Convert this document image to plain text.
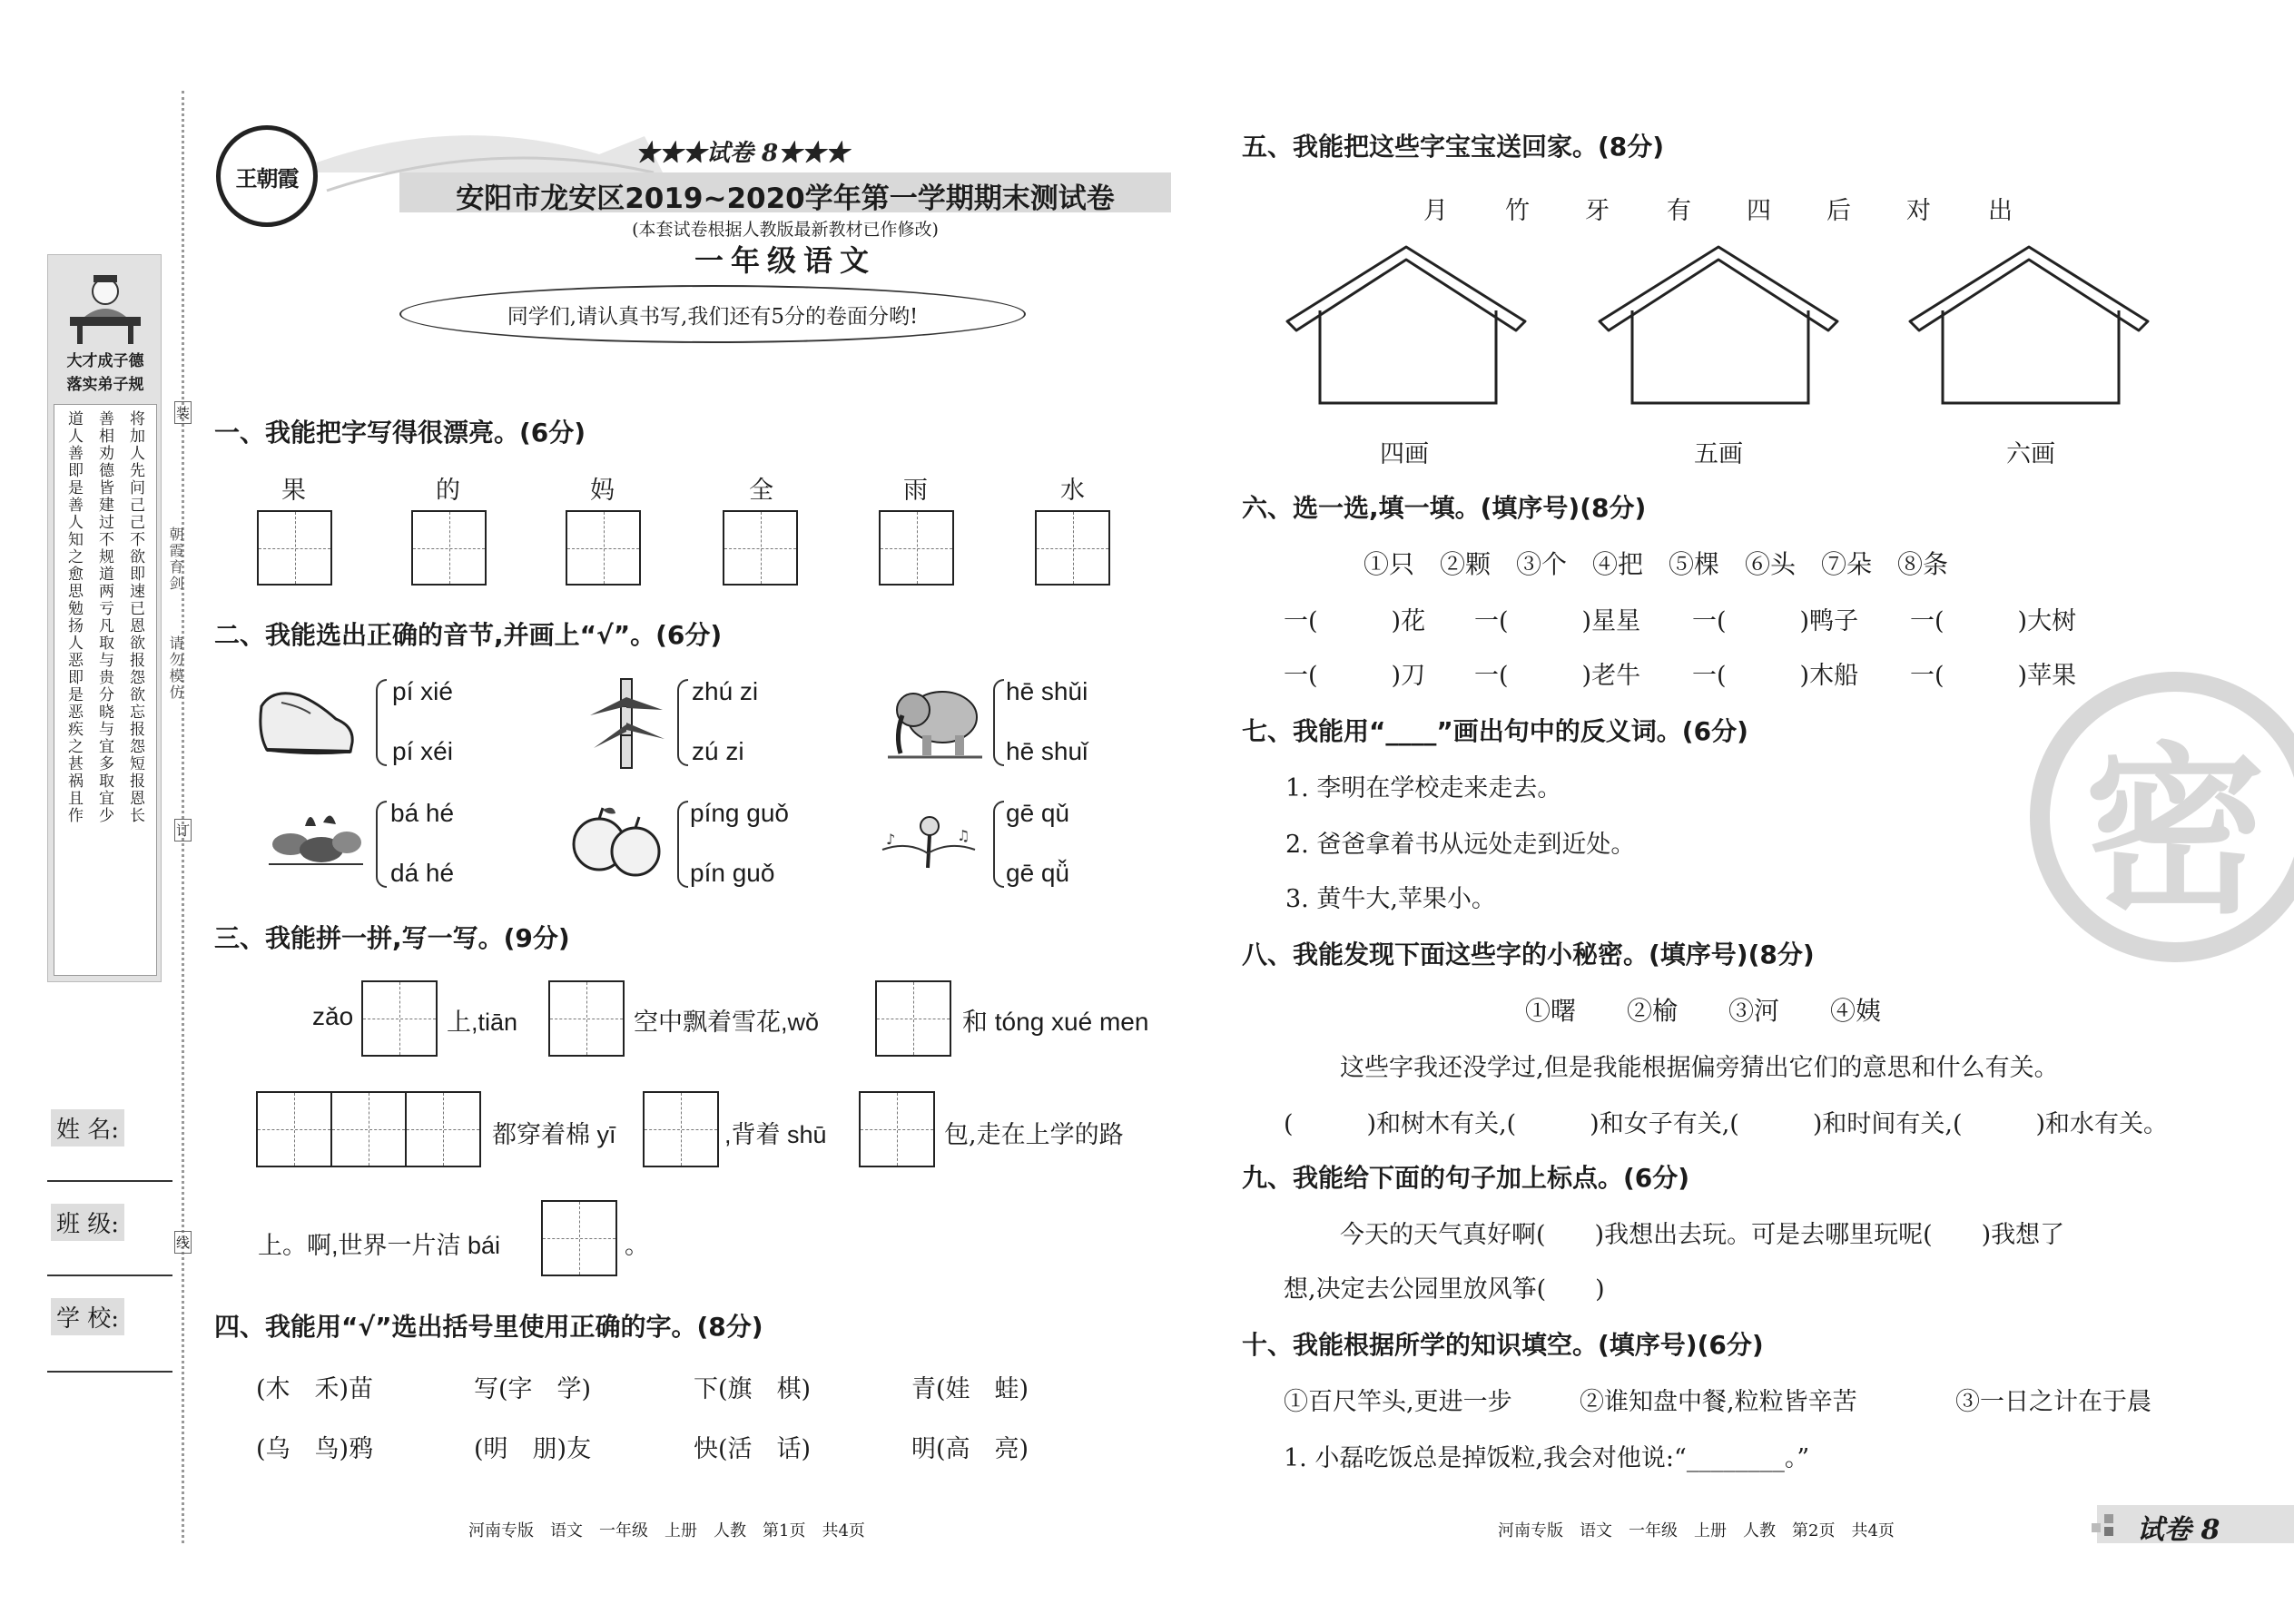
大才成子德
落实弟子规
将加人先问己己不欲即速已恩欲报怨欲忘报怨短报恩长
善相劝德皆建过不规道两亏凡取与贵分晓与宜多取宜少
道人善即是善人知之愈思勉扬人恶即是恶疾之甚祸且作	朝霞育剑
请勿模仿
装
订
线
姓 名:
班 级:
学 校:
王朝霞
★★★试卷 8★★★
安阳市龙安区2019~2020学年第一学期期末测试卷
(本套试卷根据人教版最新教材已作修改)
一年级语文
同学们,请认真书写,我们还有5分的卷面分哟!
一、我能把字写得很漂亮。(6分)
果	的	妈	全	雨	水
二、我能选出正确的音节,并画上“√”。(6分)
pí xié
pí xéi
zhú zi
zú zi
hē shǔi
hē shuǐ
bá hé
dá hé
píng guǒ
pín guǒ
♪	♫
gē qǔ
gē qǚ
三、我能拼一拼,写一写。(9分)
zǎo	上,tiān	空中飘着雪花,wǒ	和 tóng xué men
都穿着棉 yī	,背着 shū	包,走在上学的路
上。啊,世界一片洁 bái	。
四、我能用“√”选出括号里使用正确的字。(8分)
(木　禾)苗	写(字　学)	下(旗　棋)	青(娃　蛙)
(乌　鸟)鸦	(明　朋)友	快(活　话)	明(高　亮)
河南专版　语文　一年级　上册　人教　第1页　共4页
密
五、我能把这些字宝宝送回家。(8分)
月 竹 牙 有 四 后 对 出
四画	五画	六画
六、选一选,填一填。(填序号)(8分)
①只　②颗　③个　④把　⑤棵　⑥头　⑦朵　⑧条
一(　　　)花 一(　　　)星星 一(　　　)鸭子 一(　　　)大树
一(　　　)刀 一(　　　)老牛 一(　　　)木船 一(　　　)苹果
七、我能用“____”画出句中的反义词。(6分)
1. 李明在学校走来走去。
2. 爸爸拿着书从远处走到近处。
3. 黄牛大,苹果小。
八、我能发现下面这些字的小秘密。(填序号)(8分)
①曙　　②榆　　③河　　④姨
这些字我还没学过,但是我能根据偏旁猜出它们的意思和什么有关。
(　　　)和树木有关,(　　　)和女子有关,(　　　)和时间有关,(　　　)和水有关。
九、我能给下面的句子加上标点。(6分)
今天的天气真好啊(　　)我想出去玩。可是去哪里玩呢(　　)我想了
想,决定去公园里放风筝(　　)
十、我能根据所学的知识填空。(填序号)(6分)
①百尺竿头,更进一步	②谁知盘中餐,粒粒皆辛苦	③一日之计在于晨
1. 小磊吃饭总是掉饭粒,我会对他说:“________。”
河南专版　语文　一年级　上册　人教　第2页　共4页	试卷 8
